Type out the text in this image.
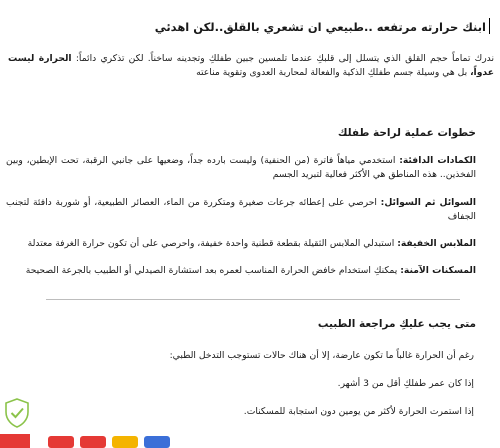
ابنك حرارته مرتفعه ..طبيعي ان تشعري بالقلق..لكن اهدئي
ندرك تماماً حجم القلق الذي يتسلل إلى قلبكِ عندما تلمسين جبين طفلكِ وتجدينه ساخناً. لكن تذكري دائماً: الحرارة ليست عدواً، بل هي وسيلة جسم طفلكِ الذكية والفعالة لمحاربة العدوى وتقوية مناعته
خطوات عملية لراحة طفلك
الكمادات الدافئة: استخدمي مياهاً فاترة (من الحنفية) وليست بارده جداً، وضعيها على جانبي الرقبة، تحت الإبطين، وبين الفخذين.. هذه المناطق هي الأكثر فعالية لتبريد الجسم
السوائل ثم السوائل: احرصي على إعطائه جرعات صغيرة ومتكررة من الماء، العصائر الطبيعية، أو شوربة دافئة لتجنب الجفاف
الملابس الخفيفة: استبدلي الملابس الثقيلة بقطعة قطنية واحدة خفيفة، واحرصي على أن تكون حرارة الغرفة معتدلة
المسكنات الآمنة: يمكنكِ استخدام خافض الحرارة المناسب لعمره بعد استشارة الصيدلي أو الطبيب بالجرعة الصحيحة
متى يجب عليكِ مراجعة الطبيب
رغم أن الحرارة غالباً ما تكون عارضة، إلا أن هناك حالات تستوجب التدخل الطبي:
إذا كان عمر طفلكِ أقل من 3 أشهر.
إذا استمرت الحرارة لأكثر من يومين دون استجابة للمسكنات.
